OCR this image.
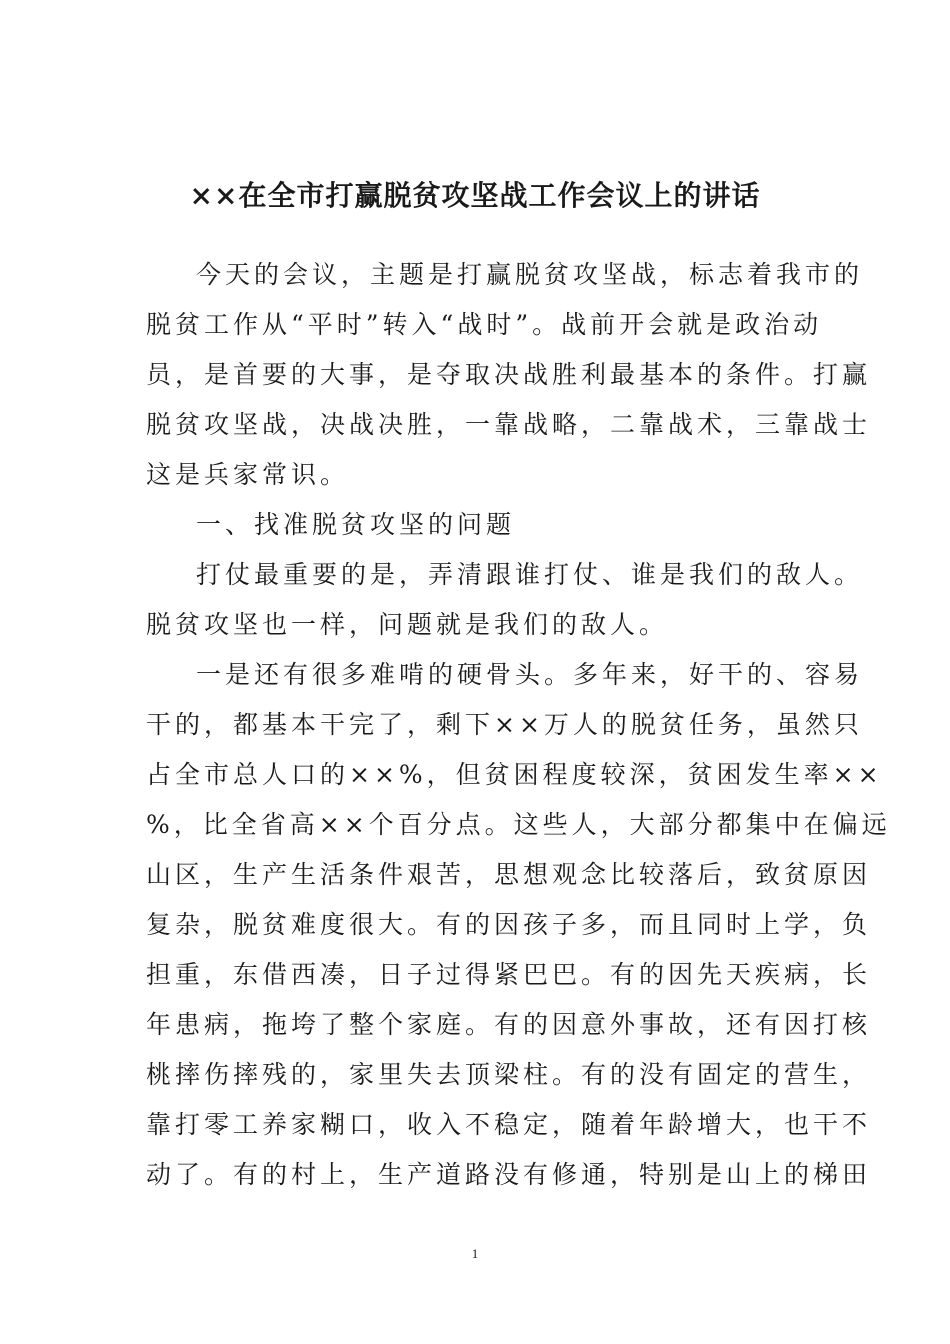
××在全市打赢脱贫攻坚战工作会议上的讲话

今天的会议，主题是打赢脱贫攻坚战，标志着我市的
脱贫工作从“平时”转入“战时”。战前开会就是政治动
员，是首要的大事，是夺取决战胜利最基本的条件。打赢
脱贫攻坚战，决战决胜，一靠战略，二靠战术，三靠战士
这是兵家常识。

一、找准脱贫攻坚的问题

打仗最重要的是，弄清跟谁打仗、谁是我们的敌人。
脱贫攻坚也一样，问题就是我们的敌人。

一是还有很多难啃的硬骨头。多年来，好干的、容易
干的，都基本干完了，剩下××万人的脱贫任务，虽然只
占全市总人口的××%，但贫困程度较深，贫困发生率××
%，比全省高××个百分点。这些人，大部分都集中在偏远
山区，生产生活条件艰苦，思想观念比较落后，致贫原因
复杂，脱贫难度很大。有的因孩子多，而且同时上学，负
担重，东借西凑，日子过得紧巴巴。有的因先天疾病，长
年患病，拖垮了整个家庭。有的因意外事故，还有因打核
桃摔伤摔残的，家里失去顶梁柱。有的没有固定的营生，
靠打零工养家糊口，收入不稳定，随着年龄增大，也干不
动了。有的村上，生产道路没有修通，特别是山上的梯田

1
